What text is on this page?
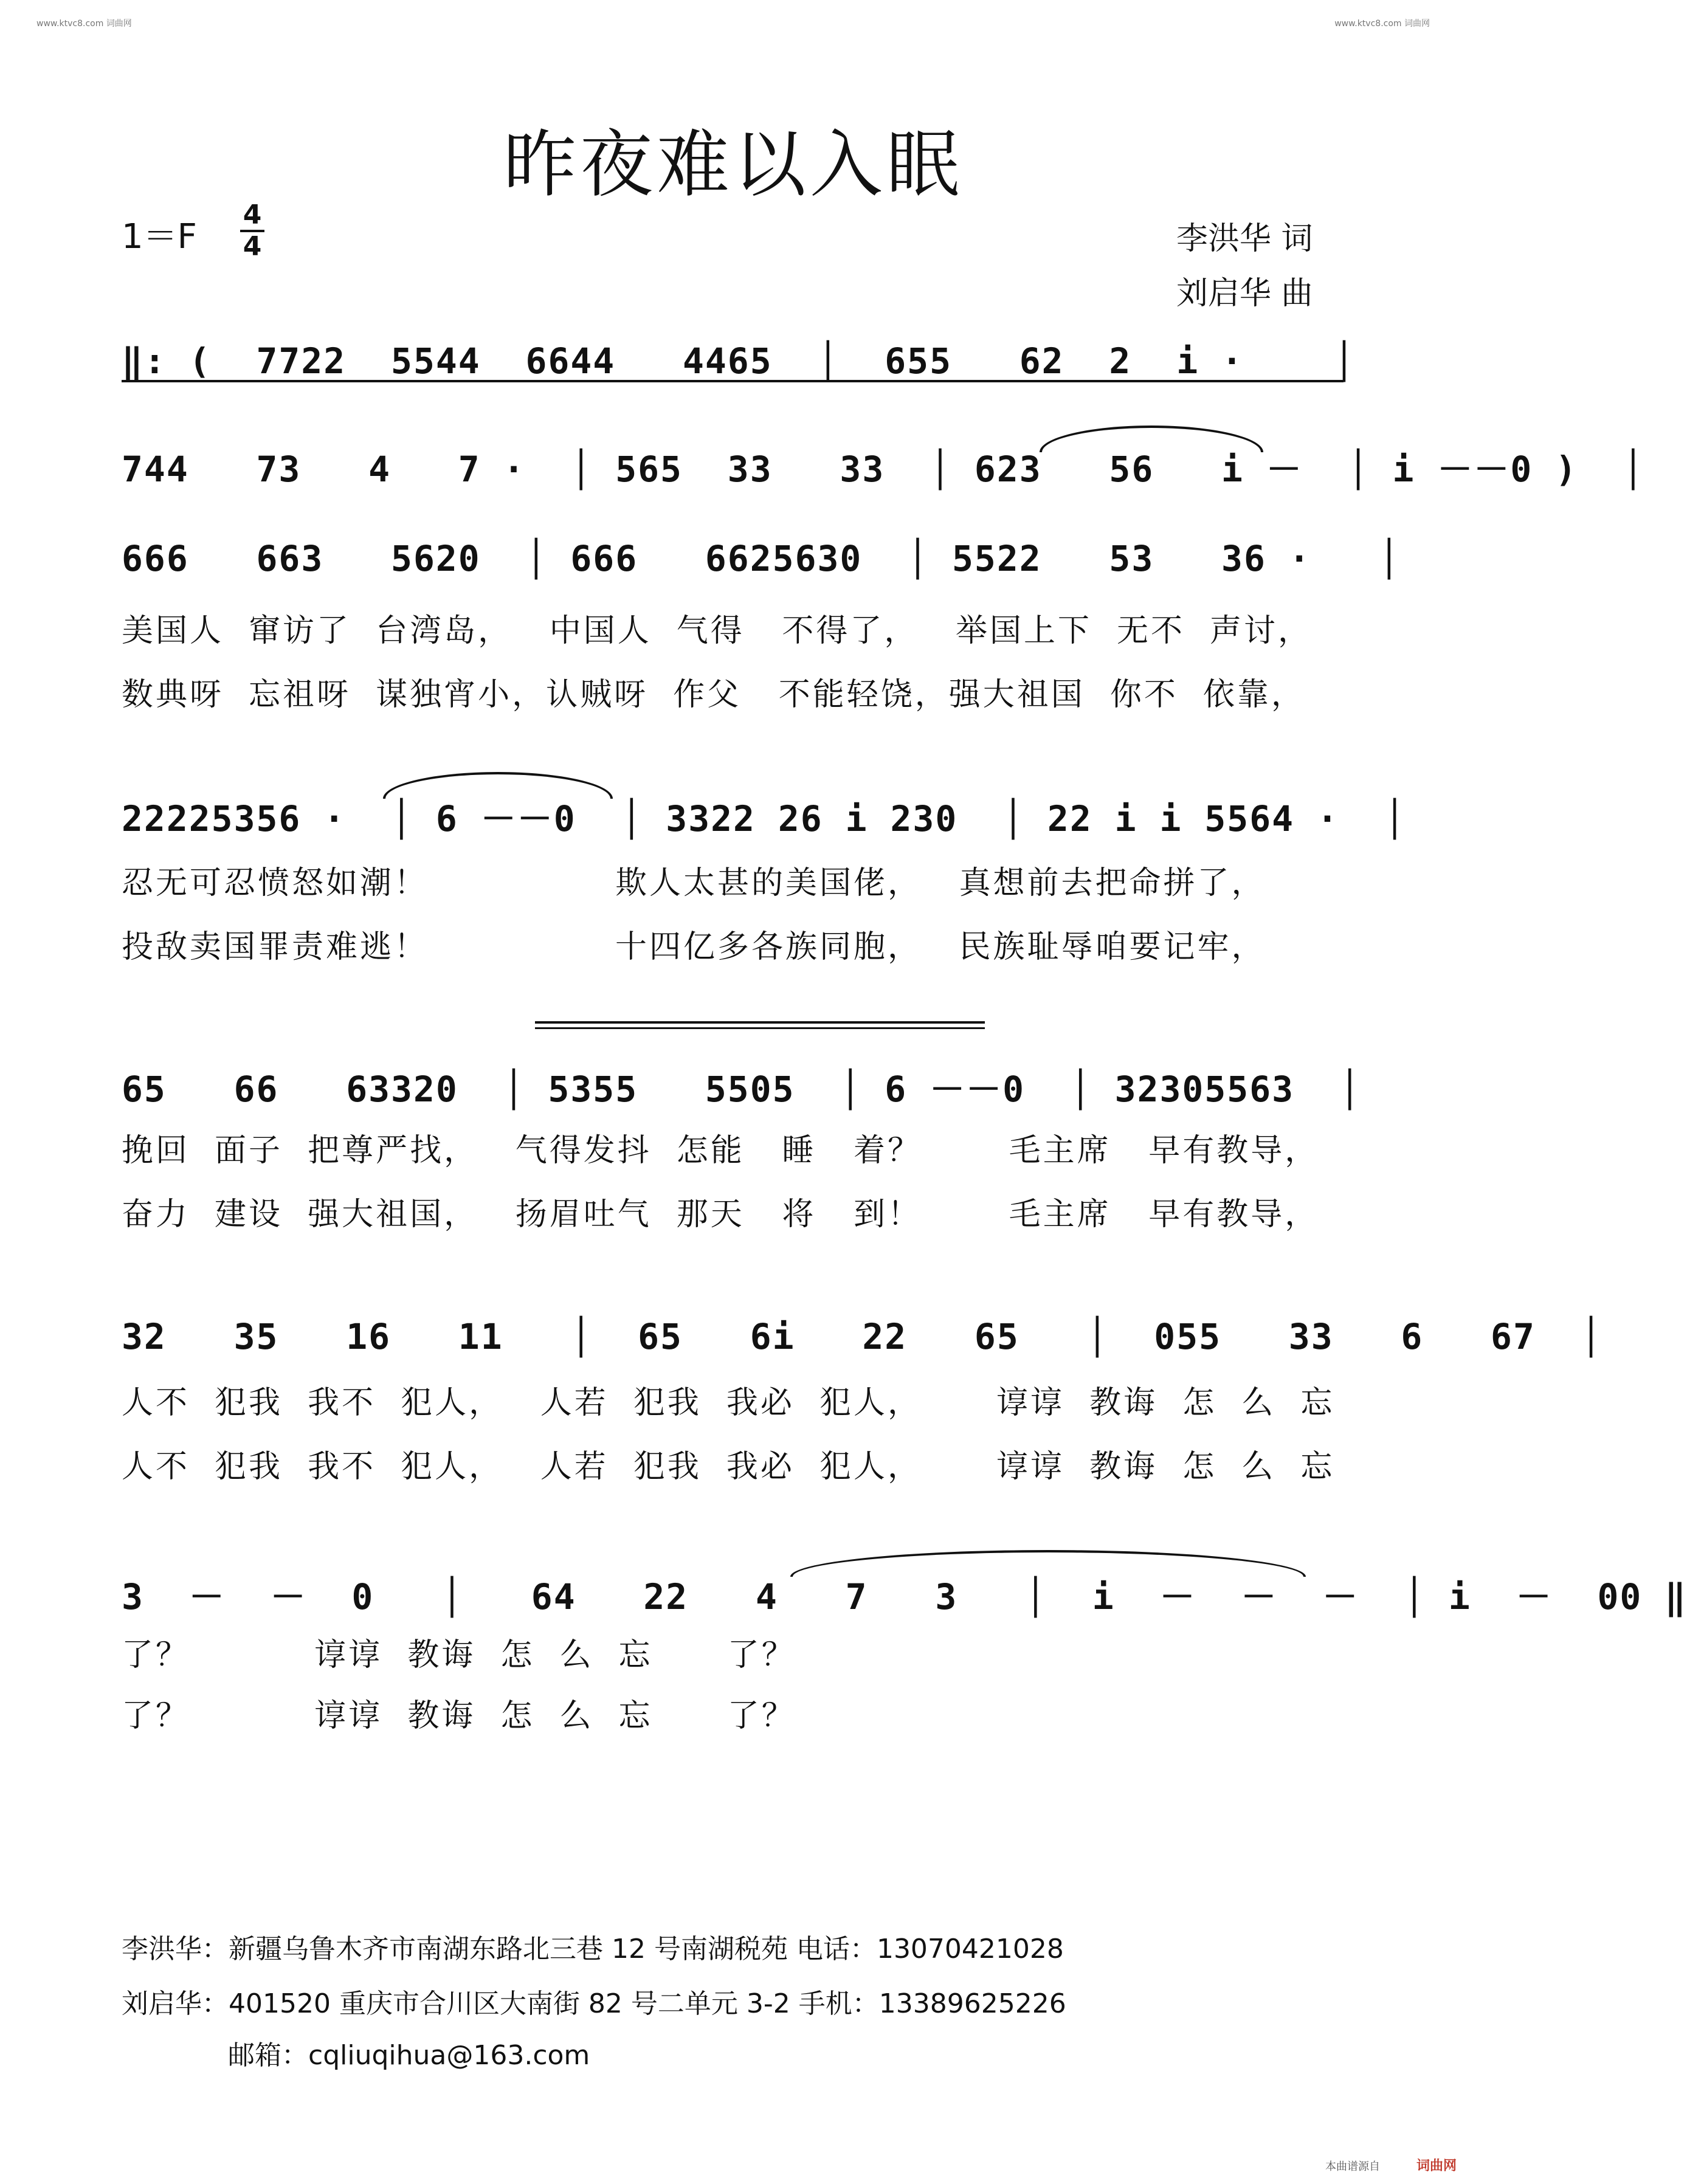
www.ktvc8.com 词曲网	www.ktvc8.com 词曲网
昨夜难以入眠
$1=F \frac{4}{4}$	李洪华 词
刘启华 曲
‖: (  7722  5544  6644   4465  │  655   62  2  i ·    │
744   73   4   7 ·  │ 565  33   33  │ 623   56   i －  │ i －－0 )  │
666   663   5620  │ 666   6625630  │ 5522   53   36 ·   │
美国人  窜访了  台湾岛，   中国人  气得   不得了，   举国上下  无不  声讨，
数典呀  忘祖呀  谋独宵小，认贼呀  作父   不能轻饶，强大祖国  你不  依靠，
22225356 ·  │ 6 －－0  │ 3322 26 i 230  │ 22 i i 5564 ·  │
忍无可忍愤怒如潮！               欺人太甚的美国佬，   真想前去把命拼了，
投敌卖国罪责难逃！               十四亿多各族同胞，   民族耻辱咱要记牢，
65   66   63320  │ 5355   5505  │ 6 －－0  │ 32305563  │
挽回  面子  把尊严找，   气得发抖  怎能   睡   着？       毛主席   早有教导，
奋力  建设  强大祖国，   扬眉吐气  那天   将   到！       毛主席   早有教导，
32   35   16   11   │  65   6i   22   65   │  055   33   6   67  │
人不  犯我  我不  犯人，   人若  犯我  我必  犯人，      谆谆  教诲  怎  么  忘
人不  犯我  我不  犯人，   人若  犯我  我必  犯人，      谆谆  教诲  怎  么  忘
3  －  －  0   │   64   22   4   7   3   │  i  －  －  －  │ i  －  00 ‖
了？          谆谆  教诲  怎  么  忘      了？
了？          谆谆  教诲  怎  么  忘      了？
李洪华：新疆乌鲁木齐市南湖东路北三巷 12 号南湖税苑 电话：13070421028
刘启华：401520 重庆市合川区大南街 82 号二单元 3-2 手机：13389625226
邮箱：cqliuqihua@163.com
本曲谱源自	词曲网
